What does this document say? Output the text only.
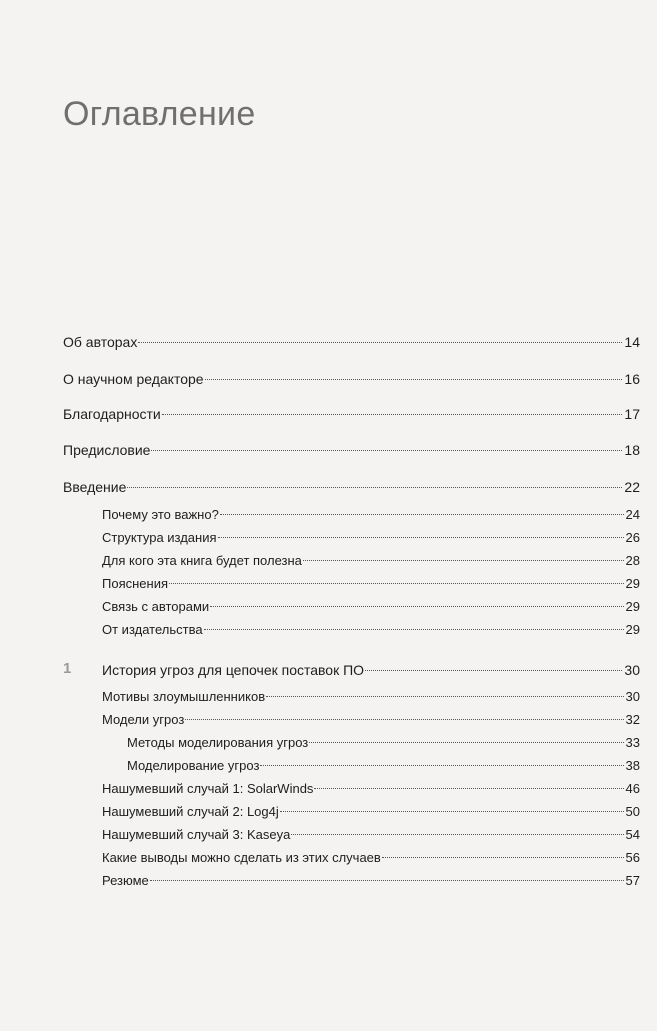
Оглавление
1
Об авторах	14
О научном редакторе	16
Благодарности	17
Предисловие	18
Введение	22
Почему это важно?	24
Структура издания	26
Для кого эта книга будет полезна	28
Пояснения	29
Связь с авторами	29
От издательства	29
История угроз для цепочек поставок ПО	30
Мотивы злоумышленников	30
Модели угроз	32
Методы моделирования угроз	33
Моделирование угроз	38
Нашумевший случай 1: SolarWinds	46
Нашумевший случай 2: Log4j	50
Нашумевший случай 3: Kaseya	54
Какие выводы можно сделать из этих случаев	56
Резюме	57
